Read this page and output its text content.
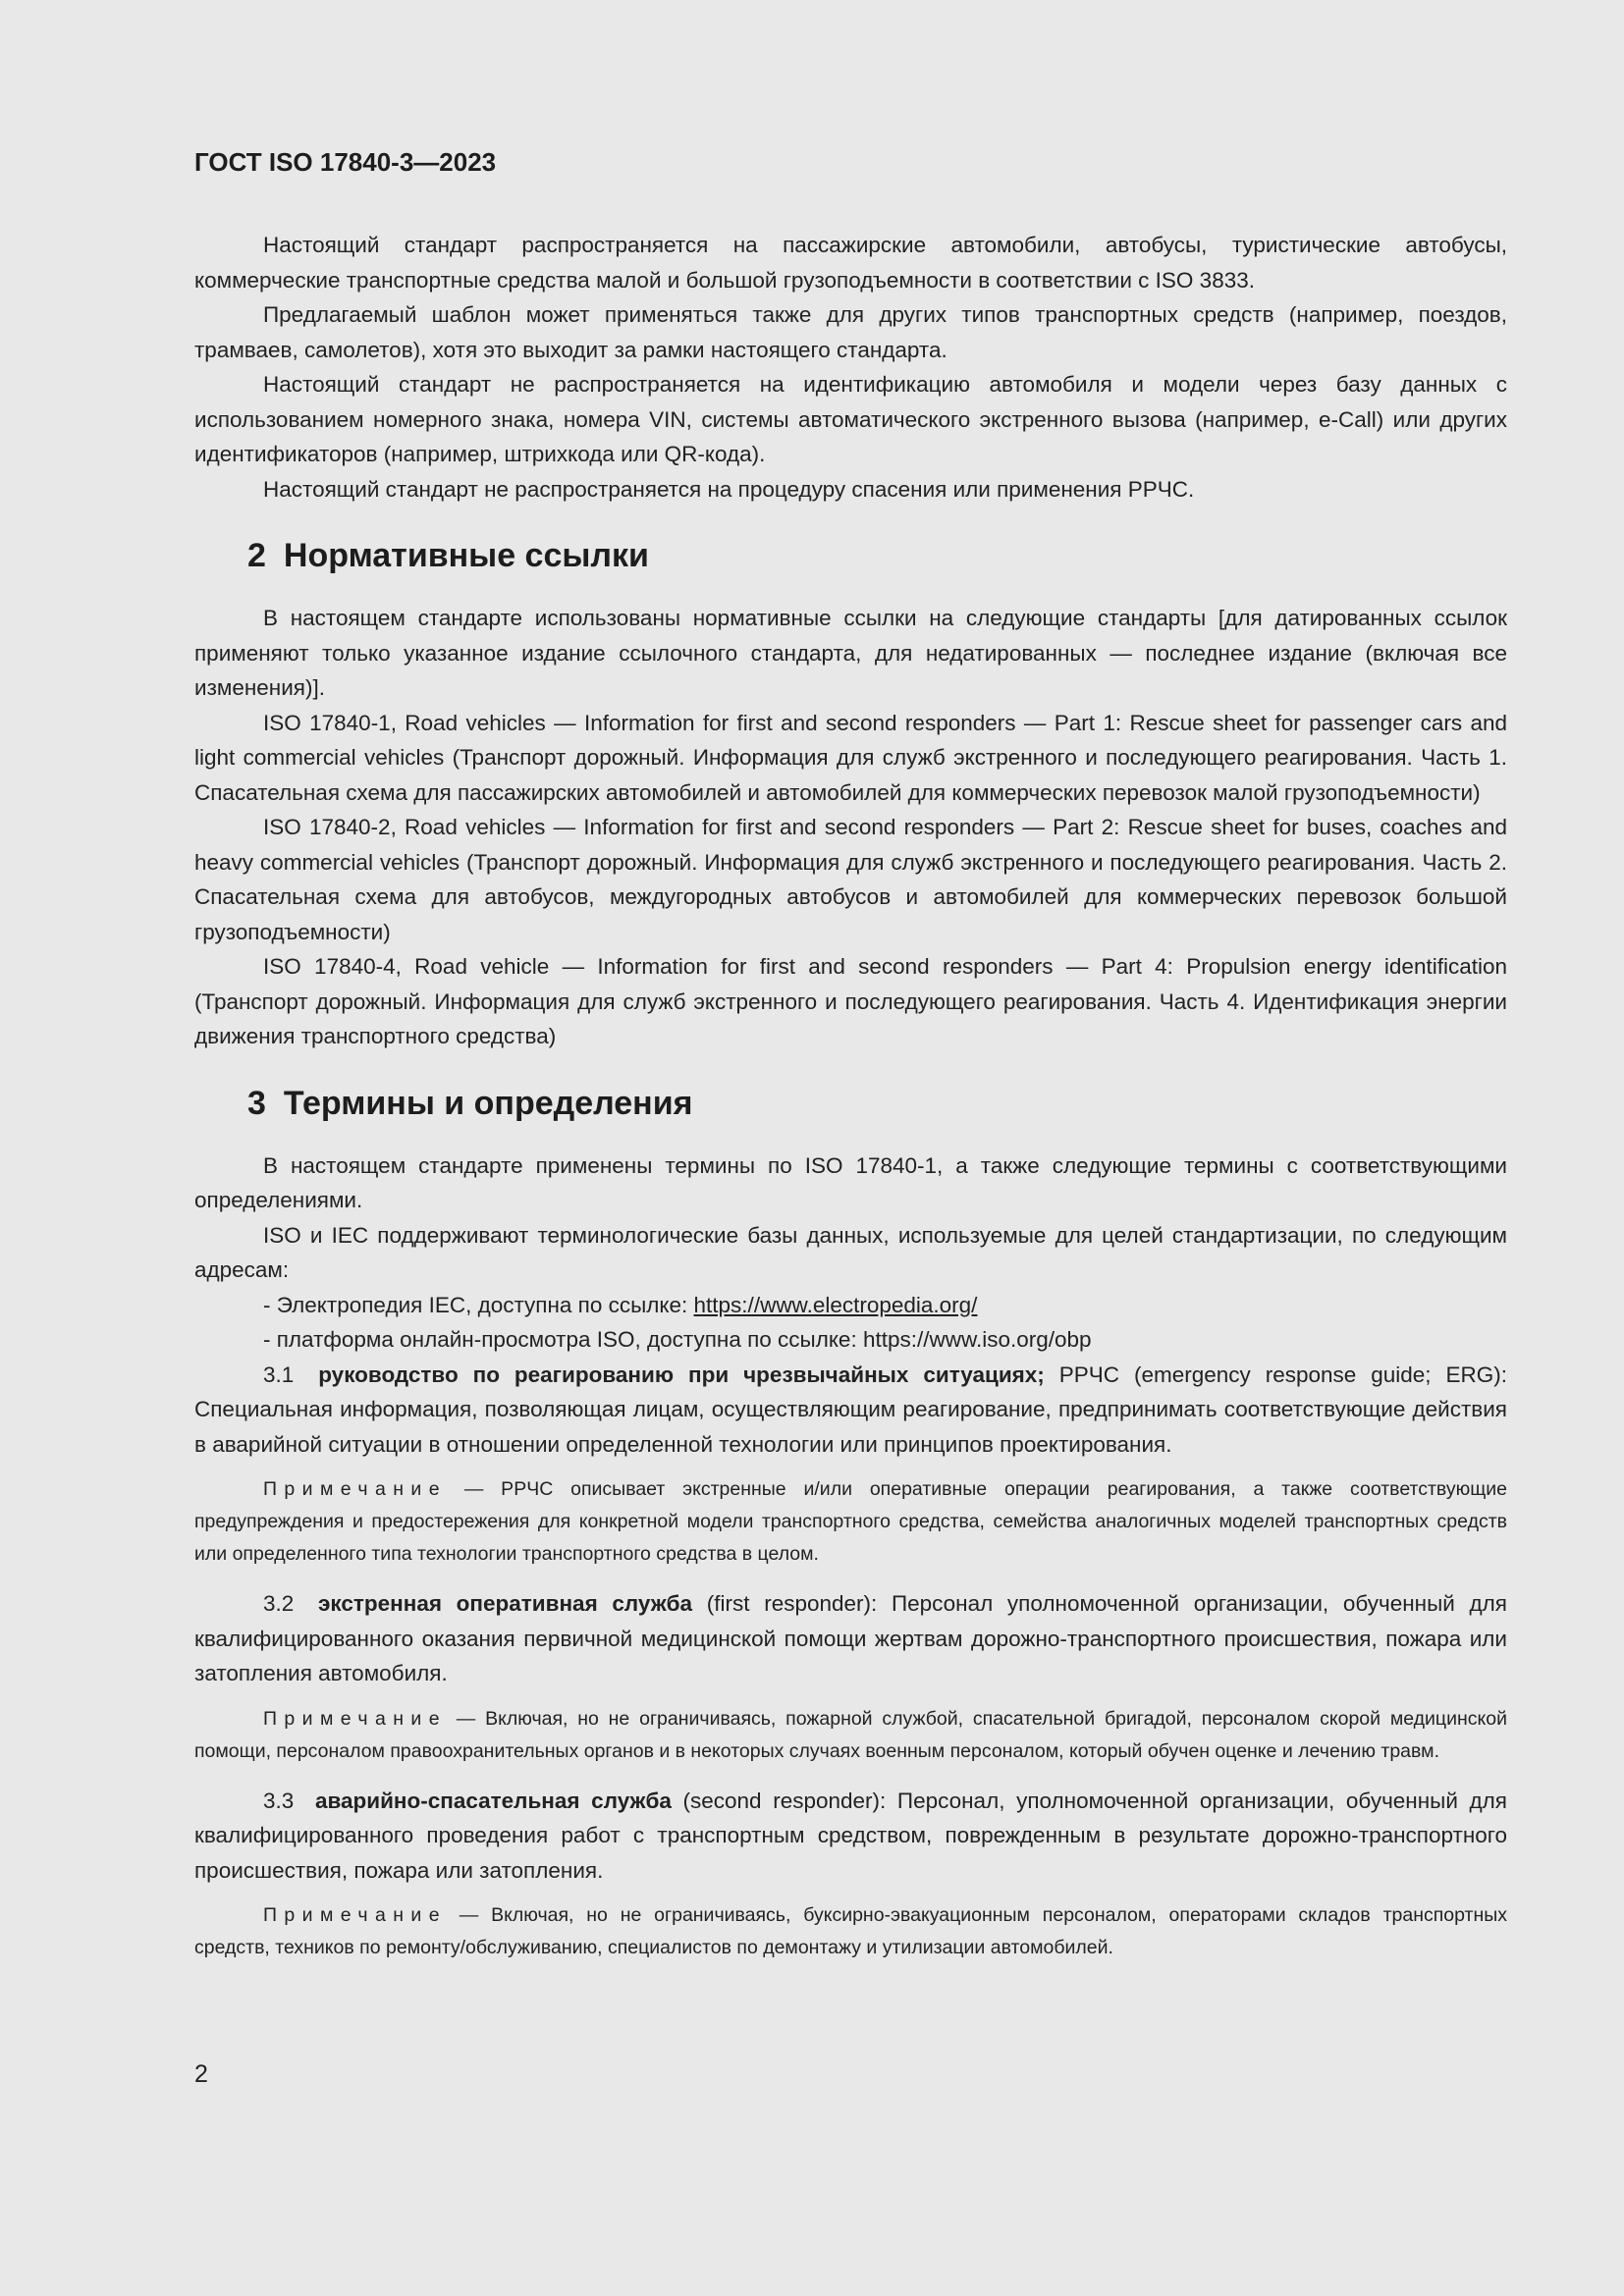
ГОСТ ISO 17840-3—2023

Настоящий стандарт распространяется на пассажирские автомобили, автобусы, туристические автобусы, коммерческие транспортные средства малой и большой грузоподъемности в соответствии с ISO 3833.

Предлагаемый шаблон может применяться также для других типов транспортных средств (например, поездов, трамваев, самолетов), хотя это выходит за рамки настоящего стандарта.

Настоящий стандарт не распространяется на идентификацию автомобиля и модели через базу данных с использованием номерного знака, номера VIN, системы автоматического экстренного вызова (например, e-Call) или других идентификаторов (например, штрихкода или QR-кода).

Настоящий стандарт не распространяется на процедуру спасения или применения РРЧС.

2 Нормативные ссылки

В настоящем стандарте использованы нормативные ссылки на следующие стандарты [для датированных ссылок применяют только указанное издание ссылочного стандарта, для недатированных — последнее издание (включая все изменения)].

ISO 17840-1, Road vehicles — Information for first and second responders — Part 1: Rescue sheet for passenger cars and light commercial vehicles (Транспорт дорожный. Информация для служб экстренного и последующего реагирования. Часть 1. Спасательная схема для пассажирских автомобилей и автомобилей для коммерческих перевозок малой грузоподъемности)

ISO 17840-2, Road vehicles — Information for first and second responders — Part 2: Rescue sheet for buses, coaches and heavy commercial vehicles (Транспорт дорожный. Информация для служб экстренного и последующего реагирования. Часть 2. Спасательная схема для автобусов, междугородных автобусов и автомобилей для коммерческих перевозок большой грузоподъемности)

ISO 17840-4, Road vehicle — Information for first and second responders — Part 4: Propulsion energy identification (Транспорт дорожный. Информация для служб экстренного и последующего реагирования. Часть 4. Идентификация энергии движения транспортного средства)

3 Термины и определения

В настоящем стандарте применены термины по ISO 17840-1, а также следующие термины с соответствующими определениями.

ISO и IEC поддерживают терминологические базы данных, используемые для целей стандартизации, по следующим адресам:

- Электропедия IEC, доступна по ссылке: https://www.electropedia.org/

- платформа онлайн-просмотра ISO, доступна по ссылке: https://www.iso.org/obp

3.1 руководство по реагированию при чрезвычайных ситуациях; РРЧС (emergency response guide; ERG): Специальная информация, позволяющая лицам, осуществляющим реагирование, предпринимать соответствующие действия в аварийной ситуации в отношении определенной технологии или принципов проектирования.

Примечание — РРЧС описывает экстренные и/или оперативные операции реагирования, а также соответствующие предупреждения и предостережения для конкретной модели транспортного средства, семейства аналогичных моделей транспортных средств или определенного типа технологии транспортного средства в целом.

3.2 экстренная оперативная служба (first responder): Персонал уполномоченной организации, обученный для квалифицированного оказания первичной медицинской помощи жертвам дорожно-транспортного происшествия, пожара или затопления автомобиля.

Примечание — Включая, но не ограничиваясь, пожарной службой, спасательной бригадой, персоналом скорой медицинской помощи, персоналом правоохранительных органов и в некоторых случаях военным персоналом, который обучен оценке и лечению травм.

3.3 аварийно-спасательная служба (second responder): Персонал, уполномоченной организации, обученный для квалифицированного проведения работ с транспортным средством, поврежденным в результате дорожно-транспортного происшествия, пожара или затопления.

Примечание — Включая, но не ограничиваясь, буксирно-эвакуационным персоналом, операторами складов транспортных средств, техников по ремонту/обслуживанию, специалистов по демонтажу и утилизации автомобилей.

2
